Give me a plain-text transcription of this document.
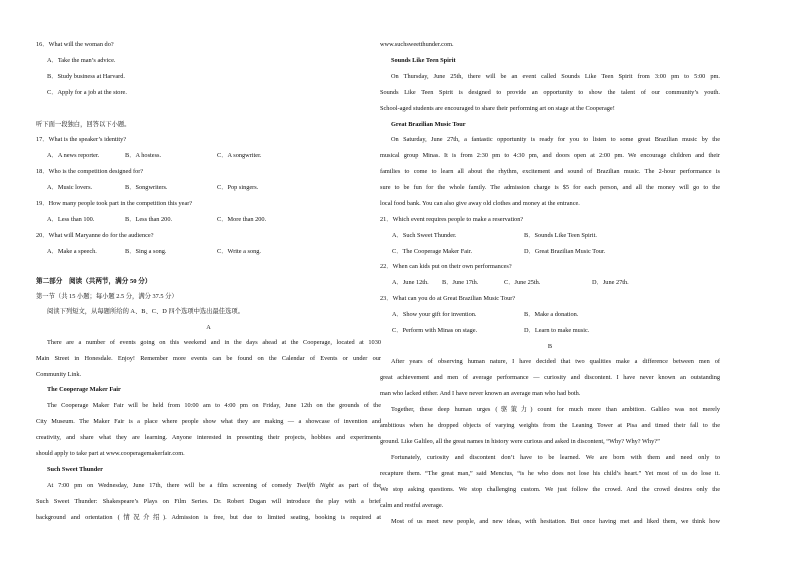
16．What will the woman do?
A．Take the man’s advice.
B．Study business at Harvard.
C．Apply for a job at the store.
听下面一段独白，回答以下小题。
17．What is the speaker’s identity?
A．A news reporter.	B．A hostess.	C．A songwriter.
18．Who is the competition designed for?
A．Music lovers.	B．Songwriters.	C．Pop singers.
19．How many people took part in the competition this year?
A．Less than 100.	B．Less than 200.	C．More than 200.
20．What will Maryanne do for the audience?
A．Make a speech.	B．Sing a song.	C．Write a song.
第二部分　阅读（共两节，满分 50 分）
第一节（共 15 小题；每小题 2.5 分，满分 37.5 分）
阅读下列短文，从每题所给的 A、B、C、D 四个选项中选出最佳选项。
A
There are a number of events going on this weekend and in the days ahead at the Cooperage, located at 1030
Main Street in Honesdale. Enjoy! Remember more events can be found on the Calendar of Events or under our
Community Link.
The Cooperage Maker Fair
The Cooperage Maker Fair will be held from 10:00 am to 4:00 pm on Friday, June 12th on the grounds of the
City Museum. The Maker Fair is a place where people show what they are making — a showcase of invention and
creativity, and share what they are learning. Anyone interested in presenting their projects, hobbies and experiments
should apply to take part at www.cooperagemakerfair.com.
Such Sweet Thunder
At 7:00 pm on Wednesday, June 17th, there will be a film screening of comedy Twelfth Night as part of the
Such Sweet Thunder: Shakespeare’s Plays on Film Series. Dr. Robert Dugan will introduce the play with a brief
background and orientation (情况介绍). Admission is free, but due to limited seating, booking is required at
www.suchsweetthunder.com.
Sounds Like Teen Spirit
On Thursday, June 25th, there will be an event called Sounds Like Teen Spirit from 3:00 pm to 5:00 pm.
Sounds Like Teen Spirit is designed to provide an opportunity to show the talent of our community’s youth.
School-aged students are encouraged to share their performing art on stage at the Cooperage!
Great Brazilian Music Tour
On Saturday, June 27th, a fantastic opportunity is ready for you to listen to some great Brazilian music by the
musical group Minas. It is from 2:30 pm to 4:30 pm, and doors open at 2:00 pm. We encourage children and their
families to come to learn all about the rhythm, excitement and sound of Brazilian music. The 2-hour performance is
sure to be fun for the whole family. The admission charge is $5 for each person, and all the money will go to the
local food bank. You can also give away old clothes and money at the entrance.
21．Which event requires people to make a reservation?
A．Such Sweet Thunder.	B．Sounds Like Teen Spirit.
C．The Cooperage Maker Fair.	D．Great Brazilian Music Tour.
22．When can kids put on their own performances?
A．June 12th. B．June 17th.	C．June 25th.	D．June 27th.
23．What can you do at Great Brazilian Music Tour?
A．Show your gift for invention.	B．Make a donation.
C．Perform with Minas on stage.	D．Learn to make music.
B
After years of observing human nature, I have decided that two qualities make a difference between men of
great achievement and men of average performance — curiosity and discontent. I have never known an outstanding
man who lacked either. And I have never known an average man who had both.
Together, these deep human urges (驱策力) count for much more than ambition. Galileo was not merely
ambitious when he dropped objects of varying weights from the Leaning Tower at Pisa and timed their fall to the
ground. Like Galileo, all the great names in history were curious and asked in discontent, “Why? Why? Why?”
Fortunately, curiosity and discontent don’t have to be learned. We are born with them and need only to
recapture them. “The great man,” said Mencius, “is he who does not lose his child’s heart.” Yet most of us do lose it.
We stop asking questions. We stop challenging custom. We just follow the crowd. And the crowd desires only the
calm and restful average.
Most of us meet new people, and new ideas, with hesitation. But once having met and liked them, we think how
